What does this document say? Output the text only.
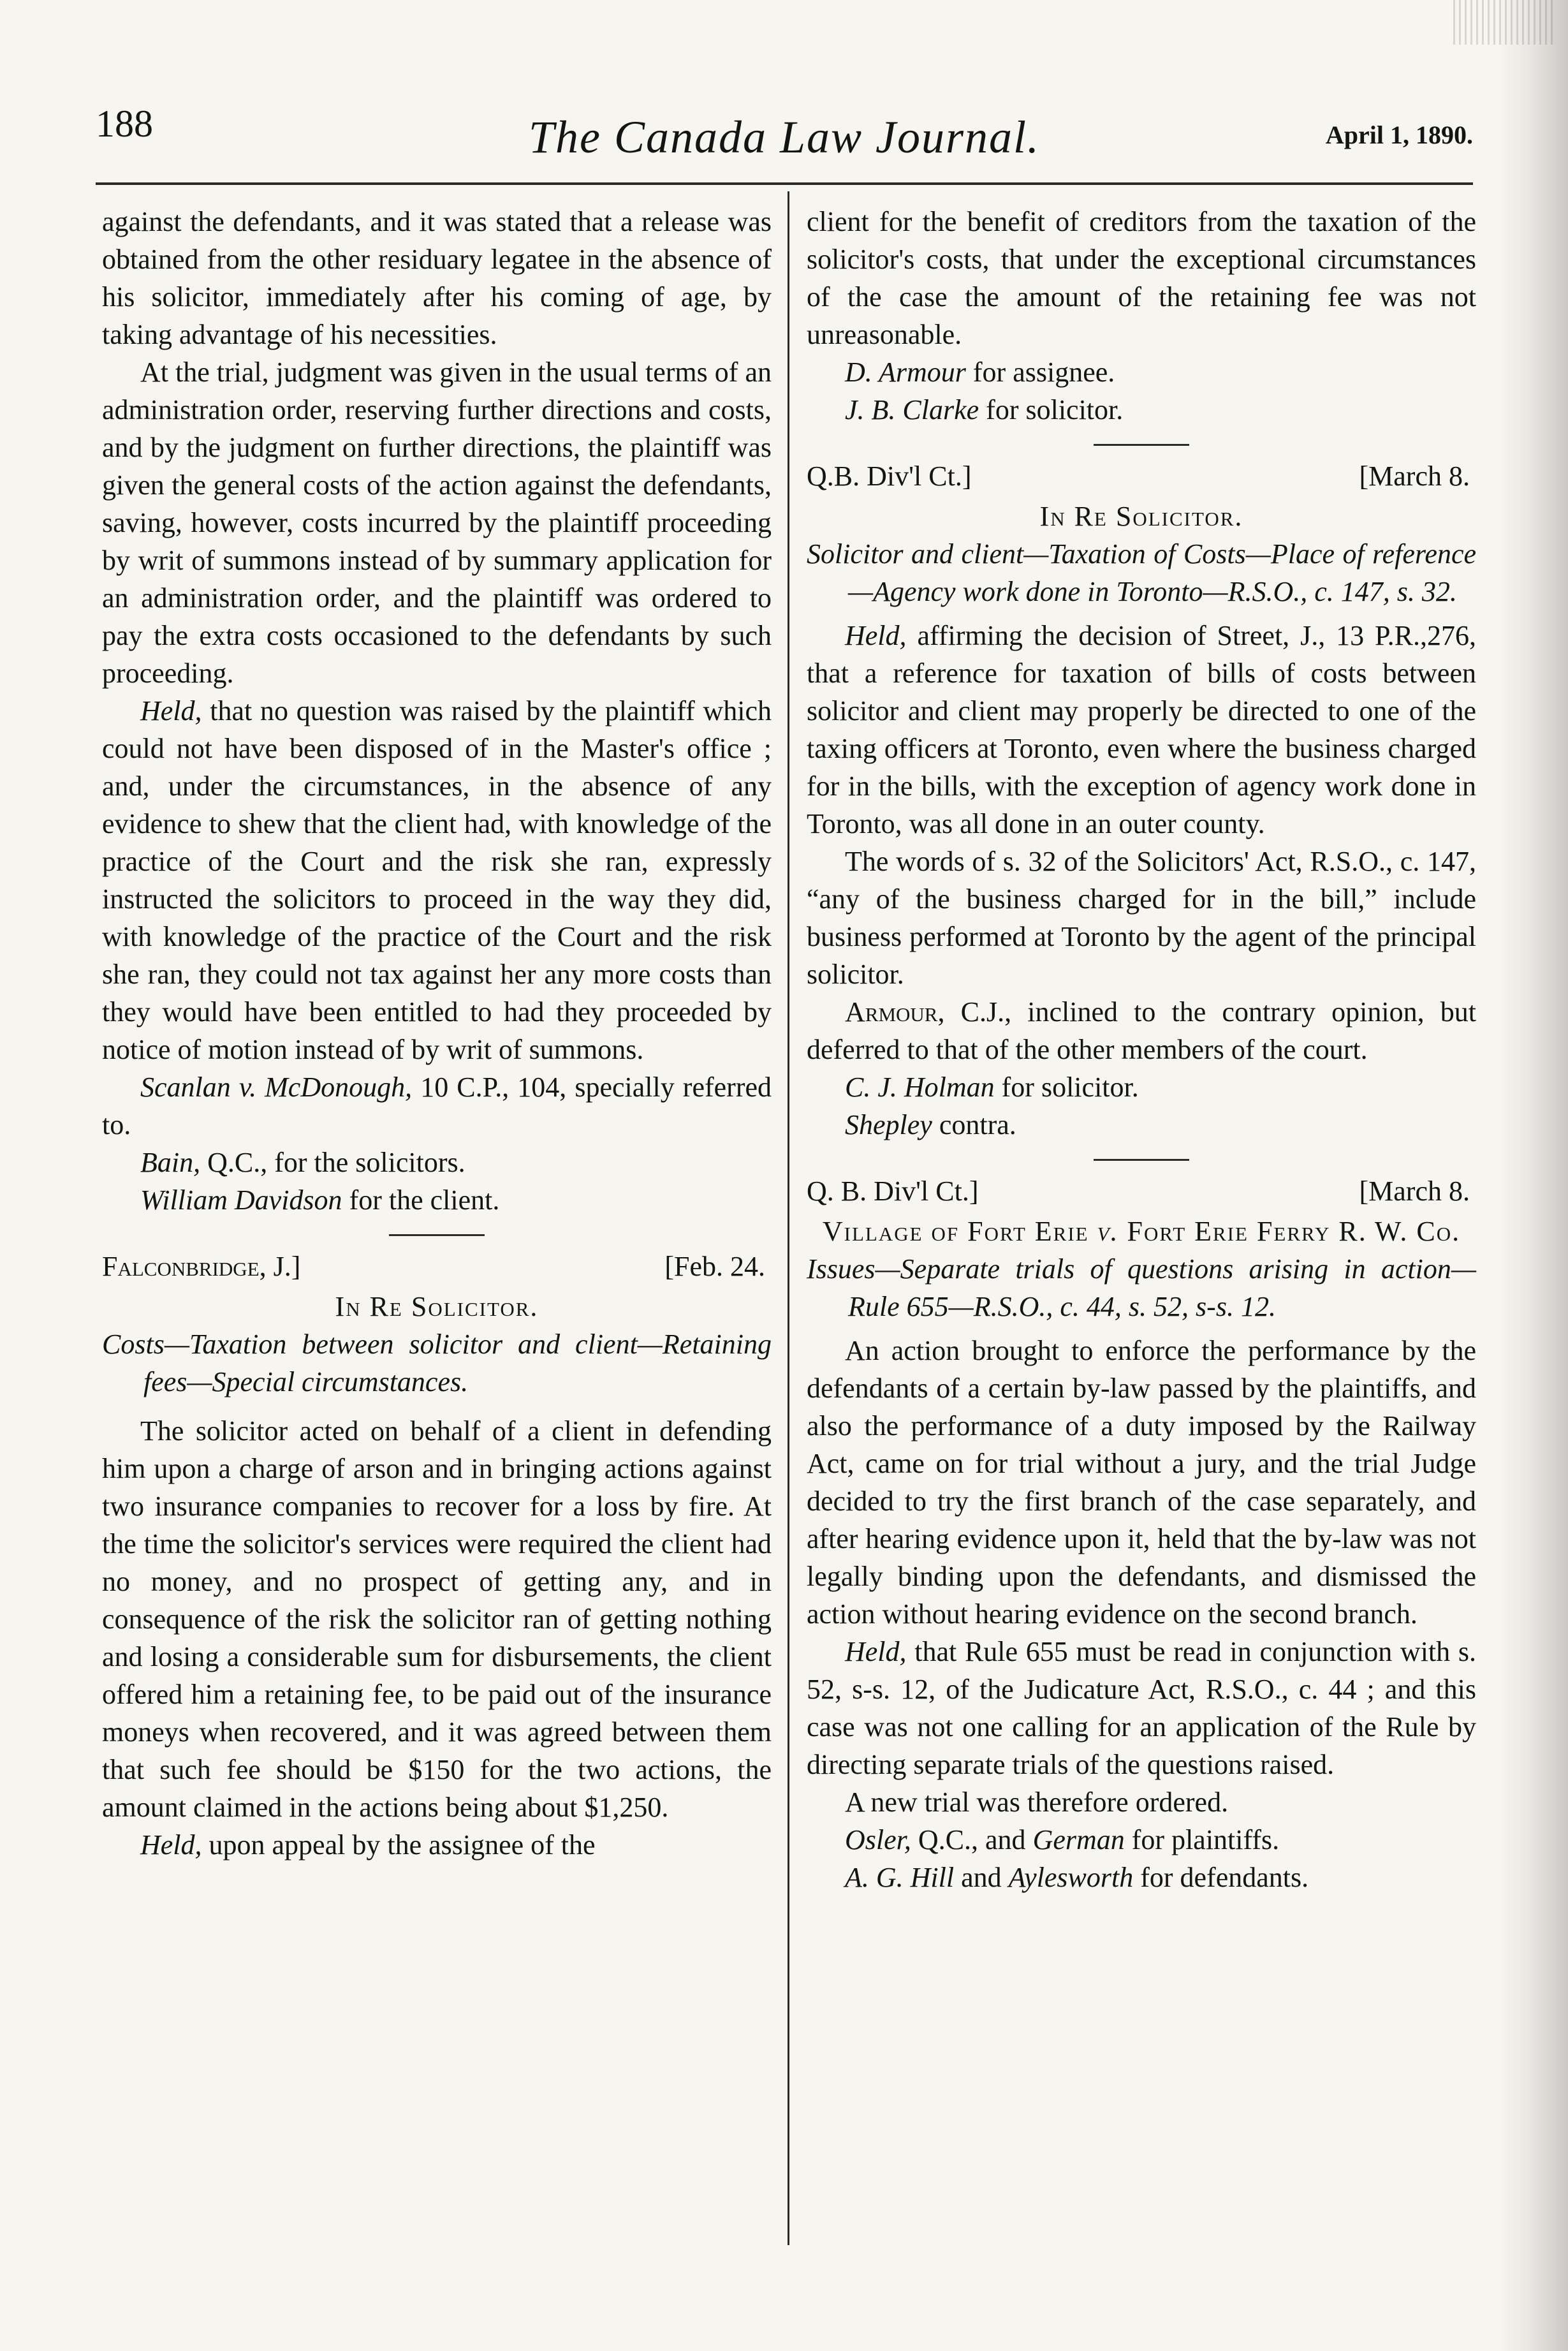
188	The Canada Law Journal.	April 1, 1890.

against the defendants, and it was stated that a release was obtained from the other residuary legatee in the absence of his solicitor, immediately after his coming of age, by taking advantage of his necessities.

At the trial, judgment was given in the usual terms of an administration order, reserving further directions and costs, and by the judgment on further directions, the plaintiff was given the general costs of the action against the defendants, saving, however, costs incurred by the plaintiff proceeding by writ of summons instead of by summary application for an administration order, and the plaintiff was ordered to pay the extra costs occasioned to the defendants by such proceeding.

Held, that no question was raised by the plaintiff which could not have been disposed of in the Master's office ; and, under the circumstances, in the absence of any evidence to shew that the client had, with knowledge of the practice of the Court and the risk she ran, expressly instructed the solicitors to proceed in the way they did, with knowledge of the practice of the Court and the risk she ran, they could not tax against her any more costs than they would have been entitled to had they proceeded by notice of motion instead of by writ of summons.

Scanlan v. McDonough, 10 C.P., 104, specially referred to.

Bain, Q.C., for the solicitors.

William Davidson for the client.

Falconbridge, J.]	[Feb. 24.

In Re Solicitor.

Costs—Taxation between solicitor and client—Retaining fees—Special circumstances.

The solicitor acted on behalf of a client in defending him upon a charge of arson and in bringing actions against two insurance companies to recover for a loss by fire. At the time the solicitor's services were required the client had no money, and no prospect of getting any, and in consequence of the risk the solicitor ran of getting nothing and losing a considerable sum for disbursements, the client offered him a retaining fee, to be paid out of the insurance moneys when recovered, and it was agreed between them that such fee should be $150 for the two actions, the amount claimed in the actions being about $1,250.

Held, upon appeal by the assignee of the

client for the benefit of creditors from the taxation of the solicitor's costs, that under the exceptional circumstances of the case the amount of the retaining fee was not unreasonable.

D. Armour for assignee.

J. B. Clarke for solicitor.

Q.B. Div'l Ct.]	[March 8.

In Re Solicitor.

Solicitor and client—Taxation of Costs—Place of reference—Agency work done in Toronto—R.S.O., c. 147, s. 32.

Held, affirming the decision of Street, J., 13 P.R.,276, that a reference for taxation of bills of costs between solicitor and client may properly be directed to one of the taxing officers at Toronto, even where the business charged for in the bills, with the exception of agency work done in Toronto, was all done in an outer county.

The words of s. 32 of the Solicitors' Act, R.S.O., c. 147, “any of the business charged for in the bill,” include business performed at Toronto by the agent of the principal solicitor.

Armour, C.J., inclined to the contrary opinion, but deferred to that of the other members of the court.

C. J. Holman for solicitor.

Shepley contra.

Q. B. Div'l Ct.]	[March 8.

Village of Fort Erie v. Fort Erie Ferry R. W. Co.

Issues—Separate trials of questions arising in action—Rule 655—R.S.O., c. 44, s. 52, s-s. 12.

An action brought to enforce the performance by the defendants of a certain by-law passed by the plaintiffs, and also the performance of a duty imposed by the Railway Act, came on for trial without a jury, and the trial Judge decided to try the first branch of the case separately, and after hearing evidence upon it, held that the by-law was not legally binding upon the defendants, and dismissed the action without hearing evidence on the second branch.

Held, that Rule 655 must be read in conjunction with s. 52, s-s. 12, of the Judicature Act, R.S.O., c. 44 ; and this case was not one calling for an application of the Rule by directing separate trials of the questions raised.

A new trial was therefore ordered.

Osler, Q.C., and German for plaintiffs.

A. G. Hill and Aylesworth for defendants.
